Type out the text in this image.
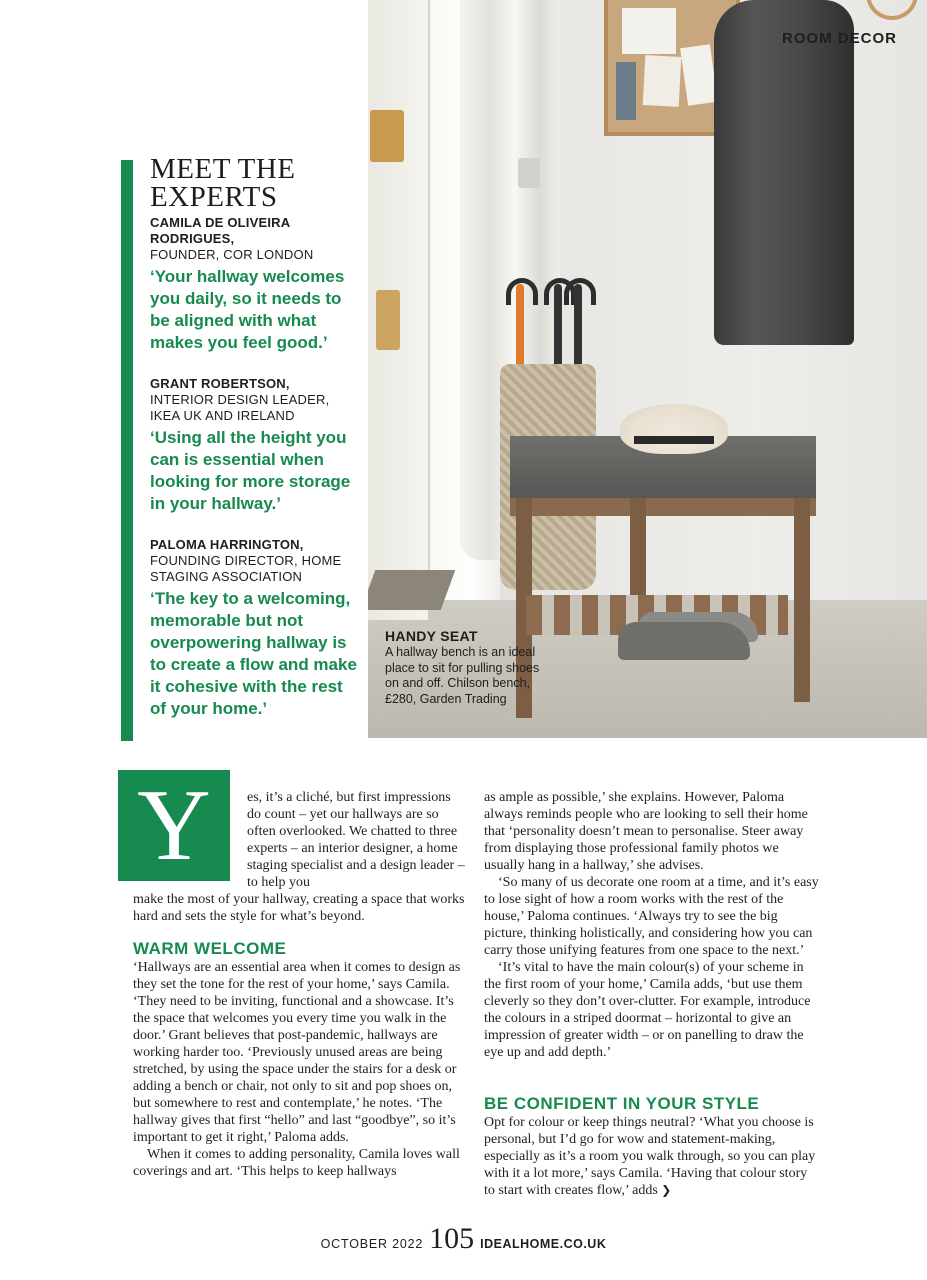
HANDY SEAT
A hallway bench is an ideal place to sit for pulling shoes on and off. Chilson bench, £280, Garden Trading
ROOM DECOR
MEET THE
EXPERTS
CAMILA DE OLIVEIRA RODRIGUES,
FOUNDER, COR LONDON
‘Your hallway welcomes you daily, so it needs to be aligned with what makes you feel good.’
GRANT ROBERTSON,
INTERIOR DESIGN LEADER, IKEA UK AND IRELAND
‘Using all the height you can is essential when looking for more storage in your hallway.’
PALOMA HARRINGTON,
FOUNDING DIRECTOR, HOME STAGING ASSOCIATION
‘The key to a welcoming, memorable but not overpowering hallway is to create a flow and make it cohesive with the rest of your home.’
Y	es, it’s a cliché, but first impressions do count – yet our hallways are so often overlooked. We chatted to three experts – an interior designer, a home staging specialist and a design leader – to help you

make the most of your hallway, creating a space that works hard and sets the style for what’s beyond.

WARM WELCOME

‘Hallways are an essential area when it comes to design as they set the tone for the rest of your home,’ says Camila. ‘They need to be inviting, functional and a showcase. It’s the space that welcomes you every time you walk in the door.’ Grant believes that post-pandemic, hallways are working harder too. ‘Previously unused areas are being stretched, by using the space under the stairs for a desk or adding a bench or chair, not only to sit and pop shoes on, but somewhere to rest and contemplate,’ he notes. ‘The hallway gives that first “hello” and last “goodbye”, so it’s important to get it right,’ Paloma adds.

When it comes to adding personality, Camila loves wall coverings and art. ‘This helps to keep hallways

as ample as possible,’ she explains. However, Paloma always reminds people who are looking to sell their home that ‘personality doesn’t mean to personalise. Steer away from displaying those professional family photos we usually hang in a hallway,’ she advises.

‘So many of us decorate one room at a time, and it’s easy to lose sight of how a room works with the rest of the house,’ Paloma continues. ‘Always try to see the big picture, thinking holistically, and considering how you can carry those unifying features from one space to the next.’

‘It’s vital to have the main colour(s) of your scheme in the first room of your home,’ Camila adds, ‘but use them cleverly so they don’t over-clutter. For example, introduce the colours in a striped doormat – horizontal to give an impression of greater width – or on panelling to draw the eye up and add depth.’

BE CONFIDENT IN YOUR STYLE

Opt for colour or keep things neutral? ‘What you choose is personal, but I’d go for wow and statement-making, especially as it’s a room you walk through, so you can play with it a lot more,’ says Camila. ‘Having that colour story to start with creates flow,’ adds ❯

OCTOBER 2022 105 IDEALHOME.CO.UK
